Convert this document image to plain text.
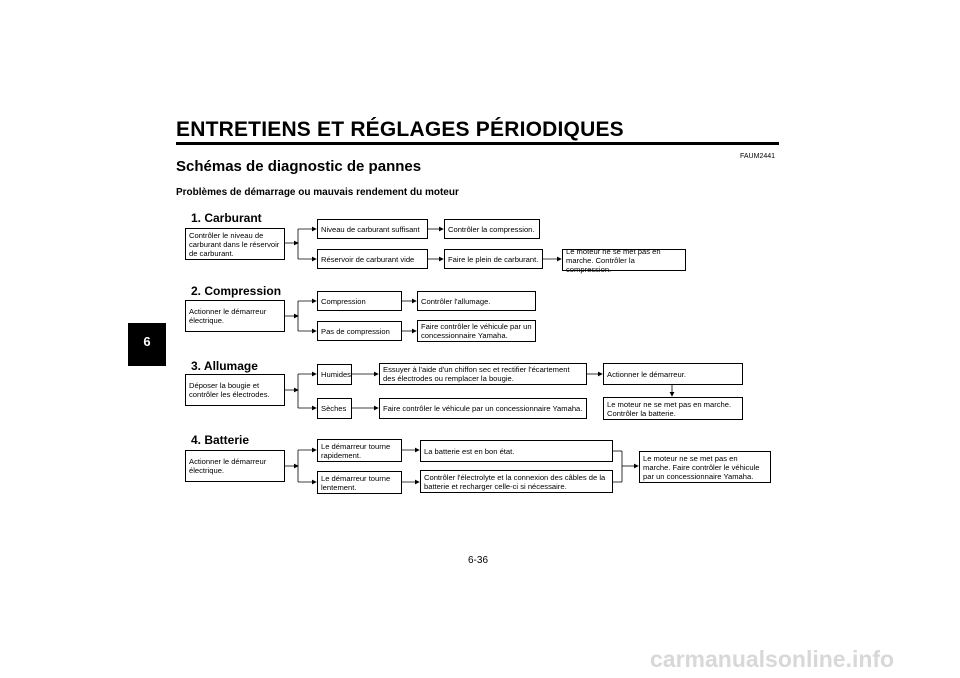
ENTRETIENS ET RÉGLAGES PÉRIODIQUES
FAUM2441
Schémas de diagnostic de pannes
Problèmes de démarrage ou mauvais rendement du moteur
6
1. Carburant
Contrôler le niveau de carburant dans le réservoir de carburant.
Niveau de carburant suffisant	Contrôler la compression.
Réservoir de carburant vide	Faire le plein de carburant.
Le moteur ne se met pas en marche. Contrôler la compression.
2. Compression
Actionner le démarreur électrique.
Compression	Contrôler l'allumage.
Pas de compression	Faire contrôler le véhicule par un concessionnaire Yamaha.
3. Allumage
Déposer la bougie et contrôler les électrodes.
Humides
Essuyer à l'aide d'un chiffon sec et rectifier l'écartement des électrodes ou remplacer la bougie.	Actionner le démarreur.
Le moteur ne se met pas en marche. Contrôler la batterie.
Sèches	Faire contrôler le véhicule par un concessionnaire Yamaha.
4. Batterie
Actionner le démarreur électrique.
Le démarreur tourne rapidement.	La batterie est en bon état.
Le démarreur tourne lentement.
Contrôler l'électrolyte et la connexion des câbles de la batterie et recharger celle-ci si nécessaire.
Le moteur ne se met pas en marche. Faire contrôler le véhicule par un concessionnaire Yamaha.
6-36
carmanualsonline.info
